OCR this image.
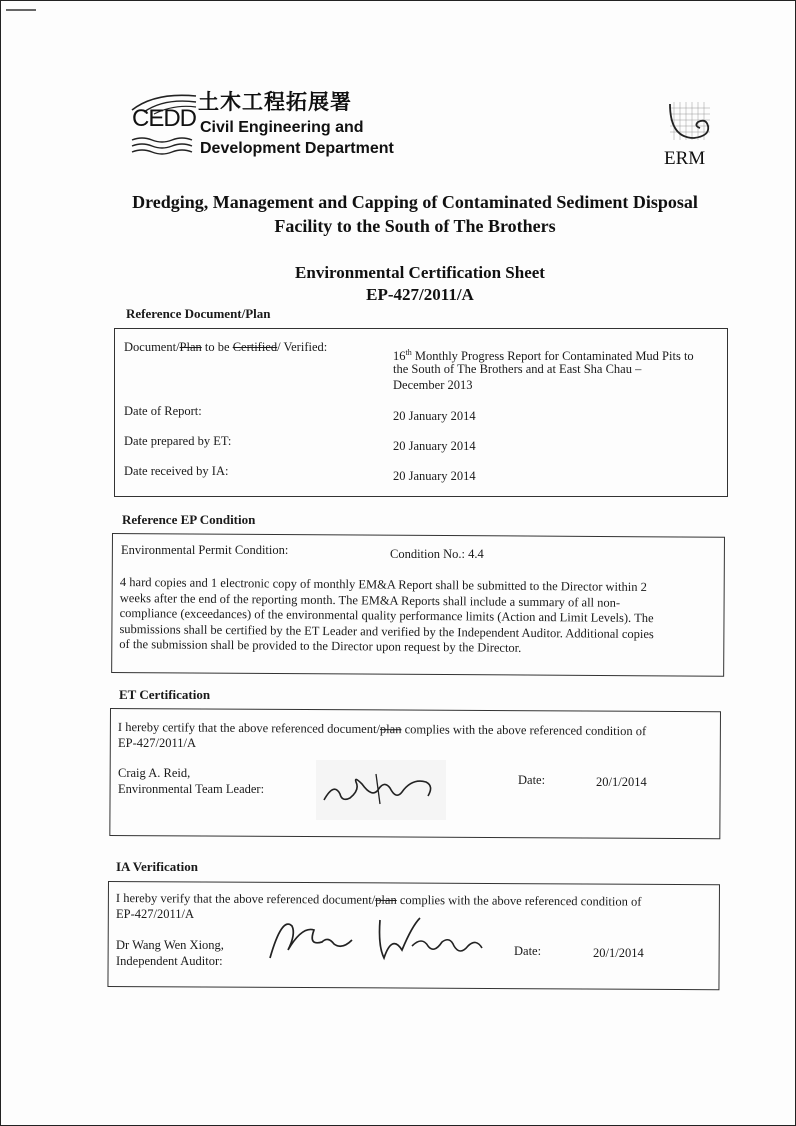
土木工程拓展署
CEDD Civil Engineering and
Development Department	ERM
Dredging, Management and Capping of Contaminated Sediment Disposal
Facility to the South of The Brothers
Environmental Certification Sheet
EP-427/2011/A
Reference Document/Plan
Document/Plan to be Certified/ Verified:
16th Monthly Progress Report for Contaminated Mud Pits to
the South of The Brothers and at East Sha Chau –
December 2013
Date of Report:	20 January 2014
Date prepared by ET:	20 January 2014
Date received by IA:	20 January 2014
Reference EP Condition
Environmental Permit Condition:	Condition No.: 4.4
4 hard copies and 1 electronic copy of monthly EM&A Report shall be submitted to the Director within 2
weeks after the end of the reporting month. The EM&A Reports shall include a summary of all non-
compliance (exceedances) of the environmental quality performance limits (Action and Limit Levels). The
submissions shall be certified by the ET Leader and verified by the Independent Auditor. Additional copies
of the submission shall be provided to the Director upon request by the Director.
ET Certification
I hereby certify that the above referenced document/plan complies with the above referenced condition of
EP-427/2011/A
Craig A. Reid,
Environmental Team Leader:
Date:	20/1/2014
IA Verification
I hereby verify that the above referenced document/plan complies with the above referenced condition of
EP-427/2011/A
Dr Wang Wen Xiong,
Independent Auditor:
Date:	20/1/2014
